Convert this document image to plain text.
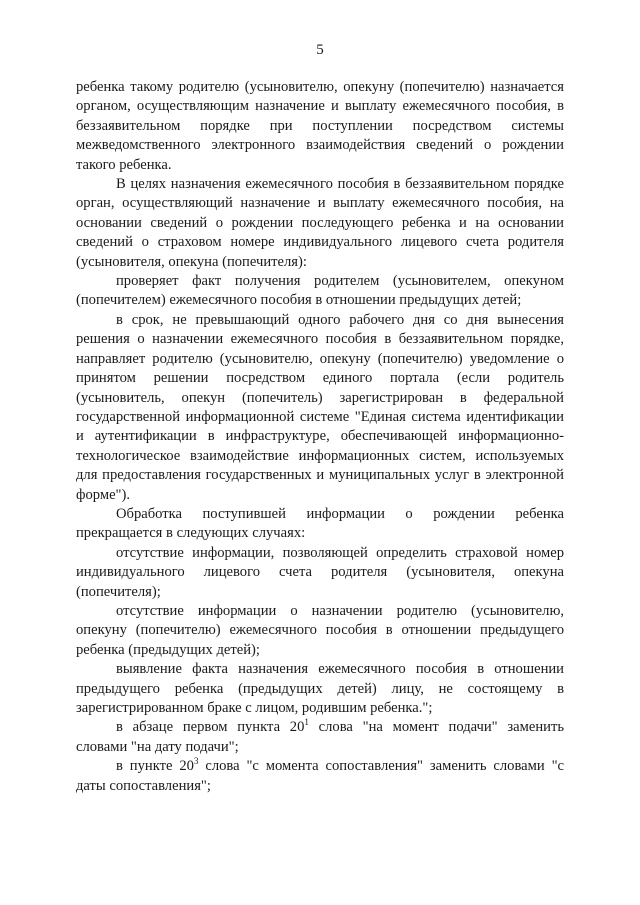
5

ребенка такому родителю (усыновителю, опекуну (попечителю) назначается органом, осуществляющим назначение и выплату ежемесячного пособия, в беззаявительном порядке при поступлении посредством системы межведомственного электронного взаимодействия сведений о рождении такого ребенка.

В целях назначения ежемесячного пособия в беззаявительном порядке орган, осуществляющий назначение и выплату ежемесячного пособия, на основании сведений о рождении последующего ребенка и на основании сведений о страховом номере индивидуального лицевого счета родителя (усыновителя, опекуна (попечителя):

проверяет факт получения родителем (усыновителем, опекуном (попечителем) ежемесячного пособия в отношении предыдущих детей;

в срок, не превышающий одного рабочего дня со дня вынесения решения о назначении ежемесячного пособия в беззаявительном порядке, направляет родителю (усыновителю, опекуну (попечителю) уведомление о принятом решении посредством единого портала (если родитель (усыновитель, опекун (попечитель) зарегистрирован в федеральной государственной информационной системе "Единая система идентификации и аутентификации в инфраструктуре, обеспечивающей информационно-технологическое взаимодействие информационных систем, используемых для предоставления государственных и муниципальных услуг в электронной форме").

Обработка поступившей информации о рождении ребенка прекращается в следующих случаях:

отсутствие информации, позволяющей определить страховой номер индивидуального лицевого счета родителя (усыновителя, опекуна (попечителя);

отсутствие информации о назначении родителю (усыновителю, опекуну (попечителю) ежемесячного пособия в отношении предыдущего ребенка (предыдущих детей);

выявление факта назначения ежемесячного пособия в отношении предыдущего ребенка (предыдущих детей) лицу, не состоящему в зарегистрированном браке с лицом, родившим ребенка.";

в абзаце первом пункта $20^1$ слова "на момент подачи" заменить словами "на дату подачи";

в пункте $20^3$ слова "с момента сопоставления" заменить словами "с даты сопоставления";
